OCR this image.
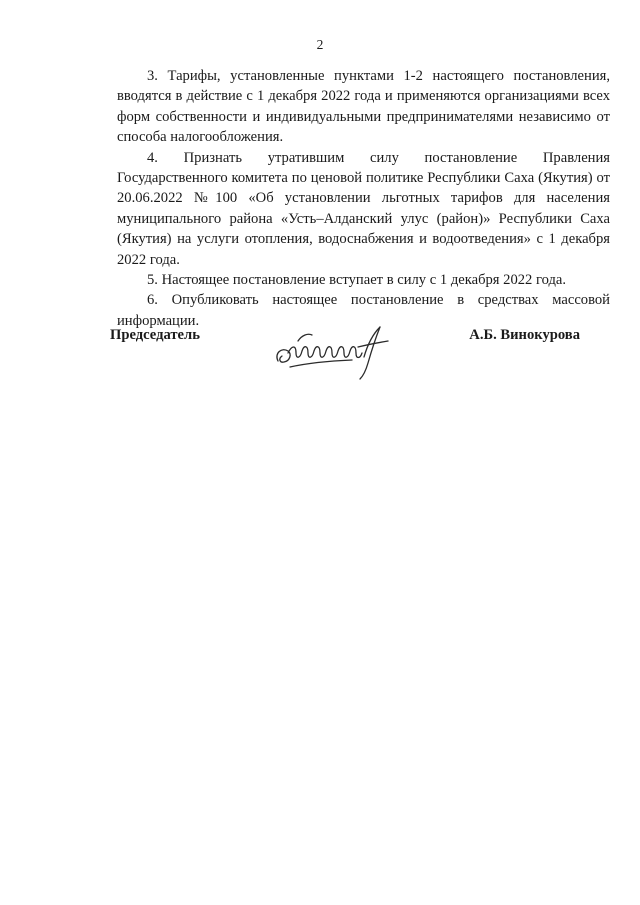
2

3. Тарифы, установленные пунктами 1-2 настоящего постановления, вводятся в действие с 1 декабря 2022 года и применяются организациями всех форм собственности и индивидуальными предпринимателями независимо от способа налогообложения.

4. Признать утратившим силу постановление Правления Государственного комитета по ценовой политике Республики Саха (Якутия) от 20.06.2022 №100 «Об установлении льготных тарифов для населения муниципального района «Усть–Алданский улус (район)» Республики Саха (Якутия) на услуги отопления, водоснабжения и водоотведения» с 1 декабря 2022 года.

5. Настоящее постановление вступает в силу с 1 декабря 2022 года.

6. Опубликовать настоящее постановление в средствах массовой информации.

Председатель	А.Б. Винокурова
